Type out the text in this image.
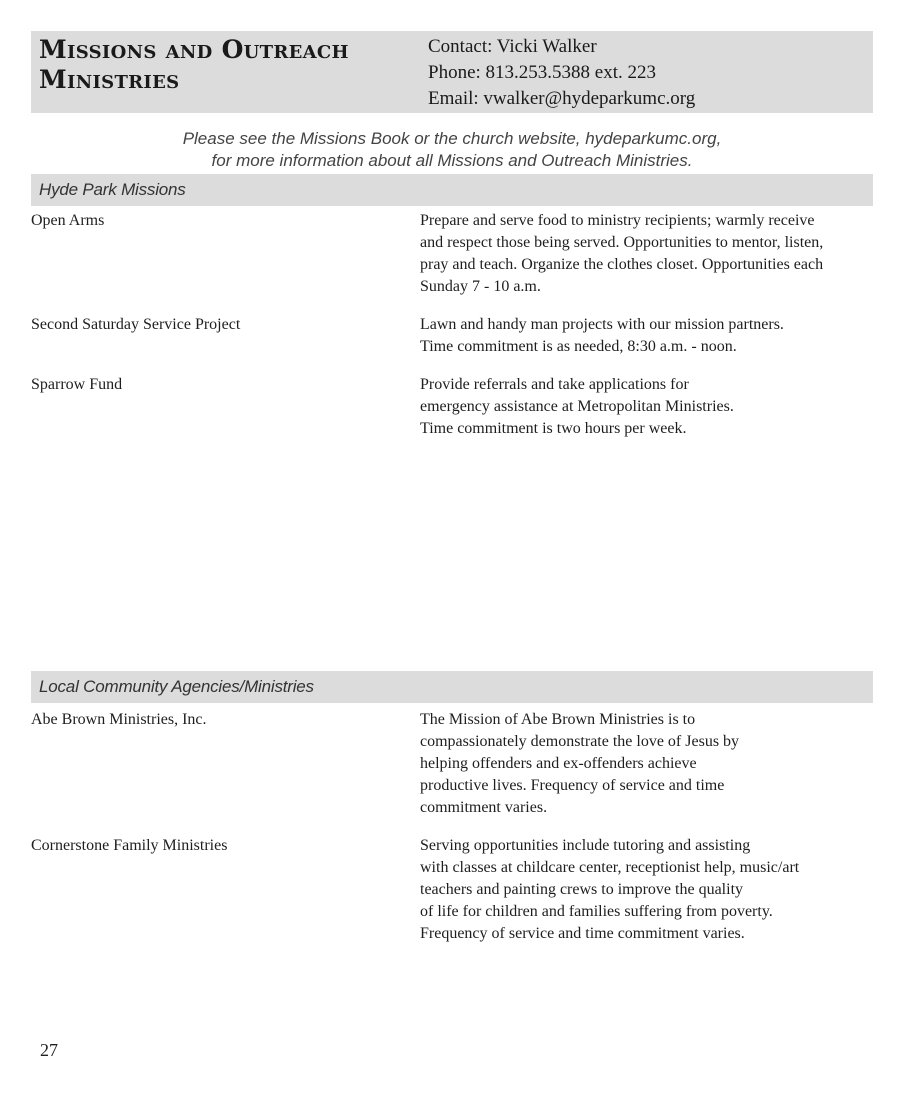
Missions and Outreach
Ministries
Contact: Vicki Walker
Phone: 813.253.5388 ext. 223
Email: vwalker@hydeparkumc.org
Please see the Missions Book or the church website, hydeparkumc.org,
for more information about all Missions and Outreach Ministries.
Hyde Park Missions
Open Arms	Prepare and serve food to ministry recipients; warmly receive
and respect those being served. Opportunities to mentor, listen,
pray and teach. Organize the clothes closet. Opportunities each
Sunday 7 - 10 a.m.
Second Saturday Service Project	Lawn and handy man projects with our mission partners.
Time commitment is as needed, 8:30 a.m. - noon.
Sparrow Fund	Provide referrals and take applications for
emergency assistance at Metropolitan Ministries.
Time commitment is two hours per week.
Local Community Agencies/Ministries
Abe Brown Ministries, Inc.	The Mission of Abe Brown Ministries is to
compassionately demonstrate the love of Jesus by
helping offenders and ex-offenders achieve
productive lives. Frequency of service and time
commitment varies.
Cornerstone Family Ministries	Serving opportunities include tutoring and assisting
with classes at childcare center, receptionist help, music/art
teachers and painting crews to improve the quality
of life for children and families suffering from poverty.
Frequency of service and time commitment varies.
27
